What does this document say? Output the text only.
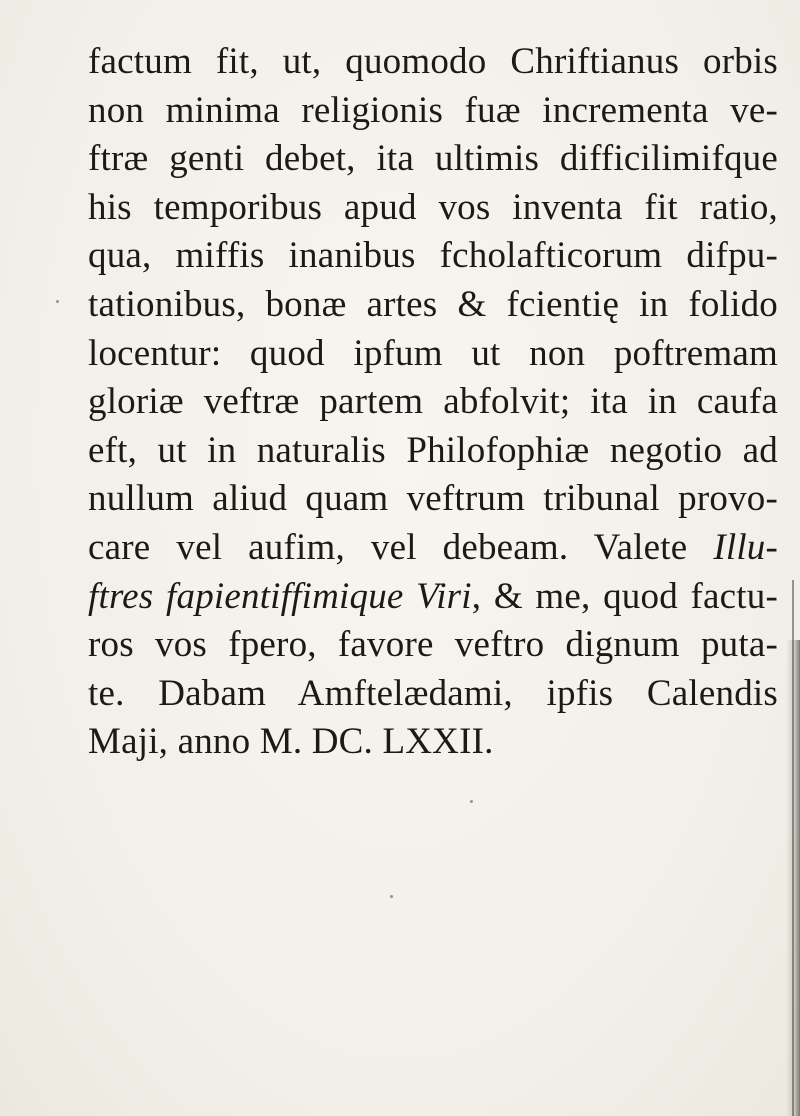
factum fit, ut, quomodo Chriftianus orbis
non minima religionis fuæ incrementa ve-
ftræ genti debet, ita ultimis difficilimifque
his temporibus apud vos inventa fit ratio,
qua, miffis inanibus fcholafticorum difpu-
tationibus, bonæ artes & fcientię in folido
locentur: quod ipfum ut non poftremam
gloriæ veftræ partem abfolvit; ita in caufa
eft, ut in naturalis Philofophiæ negotio ad
nullum aliud quam veftrum tribunal provo-
care vel aufim, vel debeam. Valete Illu-
ftres fapientiffimique Viri, & me, quod factu-
ros vos fpero, favore veftro dignum puta-
te. Dabam Amftelædami, ipfis Calendis
Maji, anno M. DC. LXXII.
